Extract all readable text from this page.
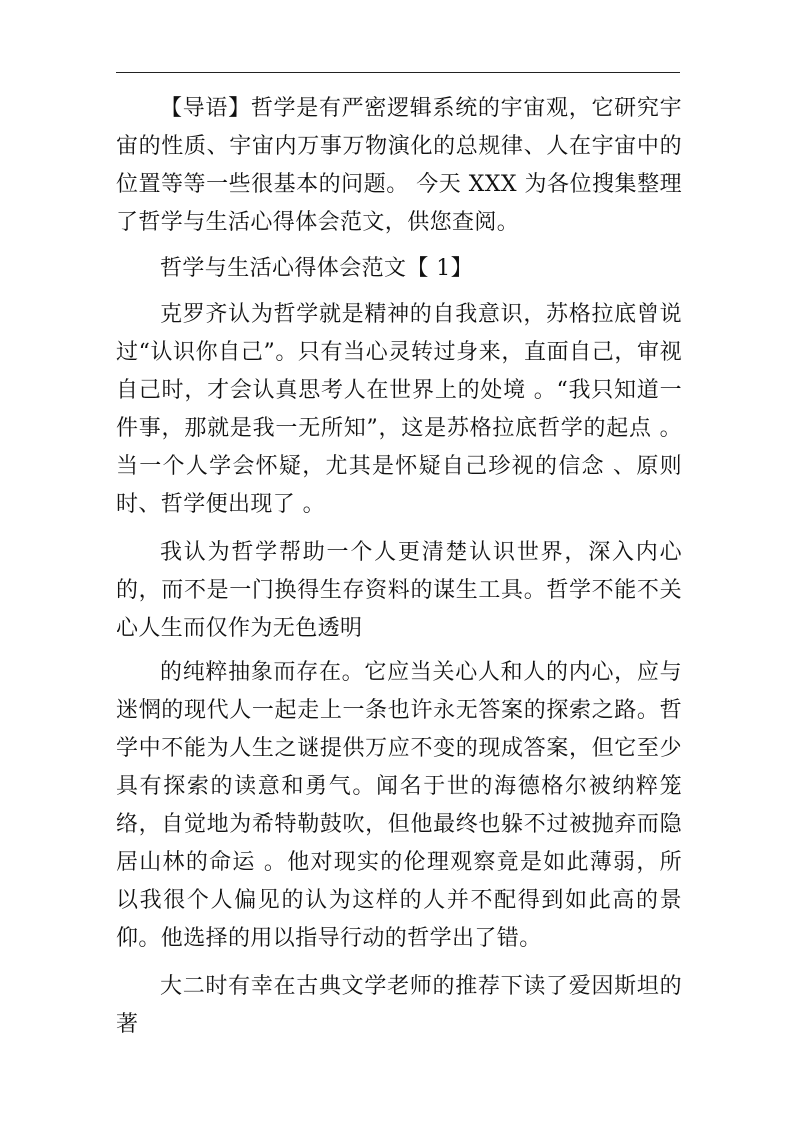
【导语】哲学是有严密逻辑系统的宇宙观，它研究宇宙的性质、宇宙内万事万物演化的总规律、人在宇宙中的位置等等一些很基本的问题。 今天 XXX 为各位搜集整理了哲学与生活心得体会范文，供您查阅。

哲学与生活心得体会范文【 1】

克罗齐认为哲学就是精神的自我意识，苏格拉底曾说过“认识你自己”。只有当心灵转过身来，直面自己，审视自己时，才会认真思考人在世界上的处境 。“我只知道一件事，那就是我一无所知”，这是苏格拉底哲学的起点 。当一个人学会怀疑，尤其是怀疑自己珍视的信念 、原则时、哲学便出现了 。

我认为哲学帮助一个人更清楚认识世界，深入内心的，而不是一门换得生存资料的谋生工具。哲学不能不关心人生而仅作为无色透明

的纯粹抽象而存在。它应当关心人和人的内心，应与迷惘的现代人一起走上一条也许永无答案的探索之路。哲学中不能为人生之谜提供万应不变的现成答案，但它至少具有探索的读意和勇气。闻名于世的海德格尔被纳粹笼络，自觉地为希特勒鼓吹，但他最终也躲不过被抛弃而隐居山林的命运 。他对现实的伦理观察竟是如此薄弱，所以我很个人偏见的认为这样的人并不配得到如此高的景仰。他选择的用以指导行动的哲学出了错。

大二时有幸在古典文学老师的推荐下读了爱因斯坦的著
